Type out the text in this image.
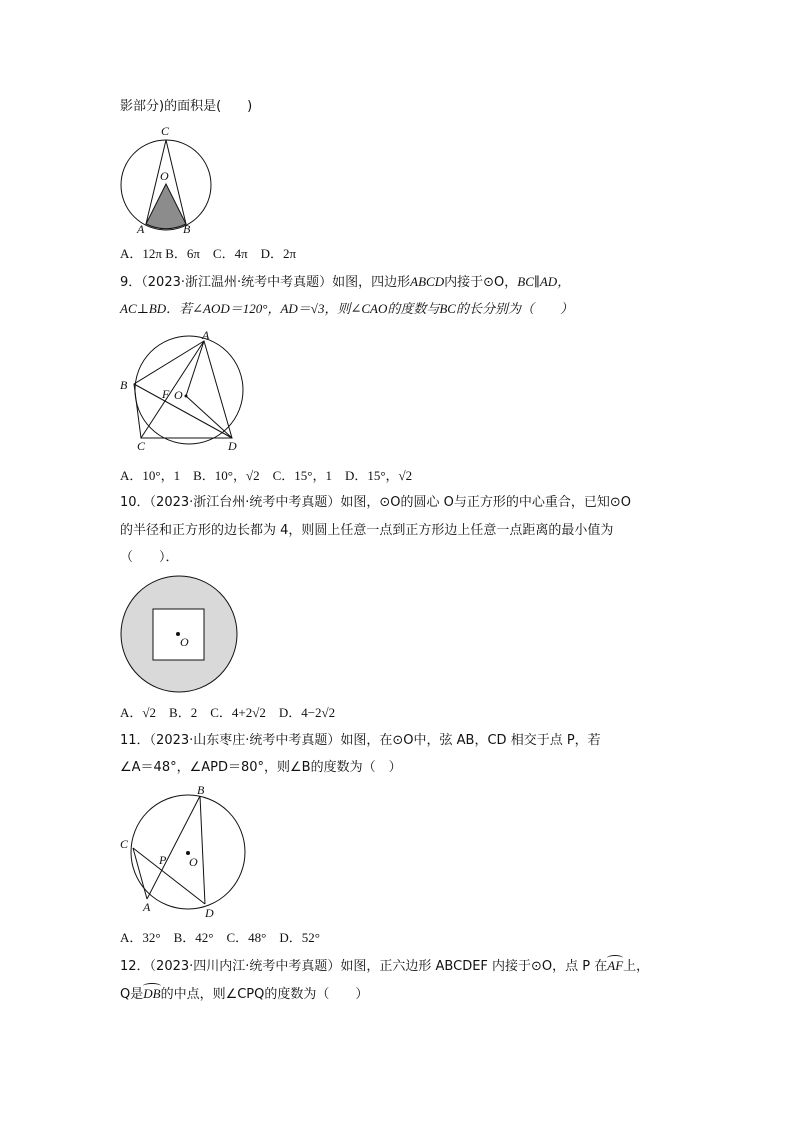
影部分)的面积是(　　)
C
O
A	B
A．12π B．6π　C．4π　D．2π
9．（2023·浙江温州·统考中考真题）如图，四边形ABCD内接于⊙O，BC∥AD，
AC⊥BD．若∠AOD＝120°，AD＝√3，则∠CAO的度数与BC的长分别为（　　）
A
B
F O
C	D
A．10°，1　B．10°，√2　C．15°，1　D．15°，√2
10．（2023·浙江台州·统考中考真题）如图，⊙O的圆心 O与正方形的中心重合，已知⊙O
的半径和正方形的边长都为 4，则圆上任意一点到正方形边上任意一点距离的最小值为
（　　）．
O
A．√2　B．2　C．4+2√2　D．4−2√2
11．（2023·山东枣庄·统考中考真题）如图，在⊙O中，弦 AB，CD 相交于点 P，若
∠A＝48°，∠APD＝80°，则∠B的度数为（　）
B
C
P O
A	D
A．32°　B．42°　C．48°　D．52°
12．（2023·四川内江·统考中考真题）如图，正六边形 ABCDEF 内接于⊙O，点 P 在AF上，
Q是DB的中点，则∠CPQ的度数为（　　）
